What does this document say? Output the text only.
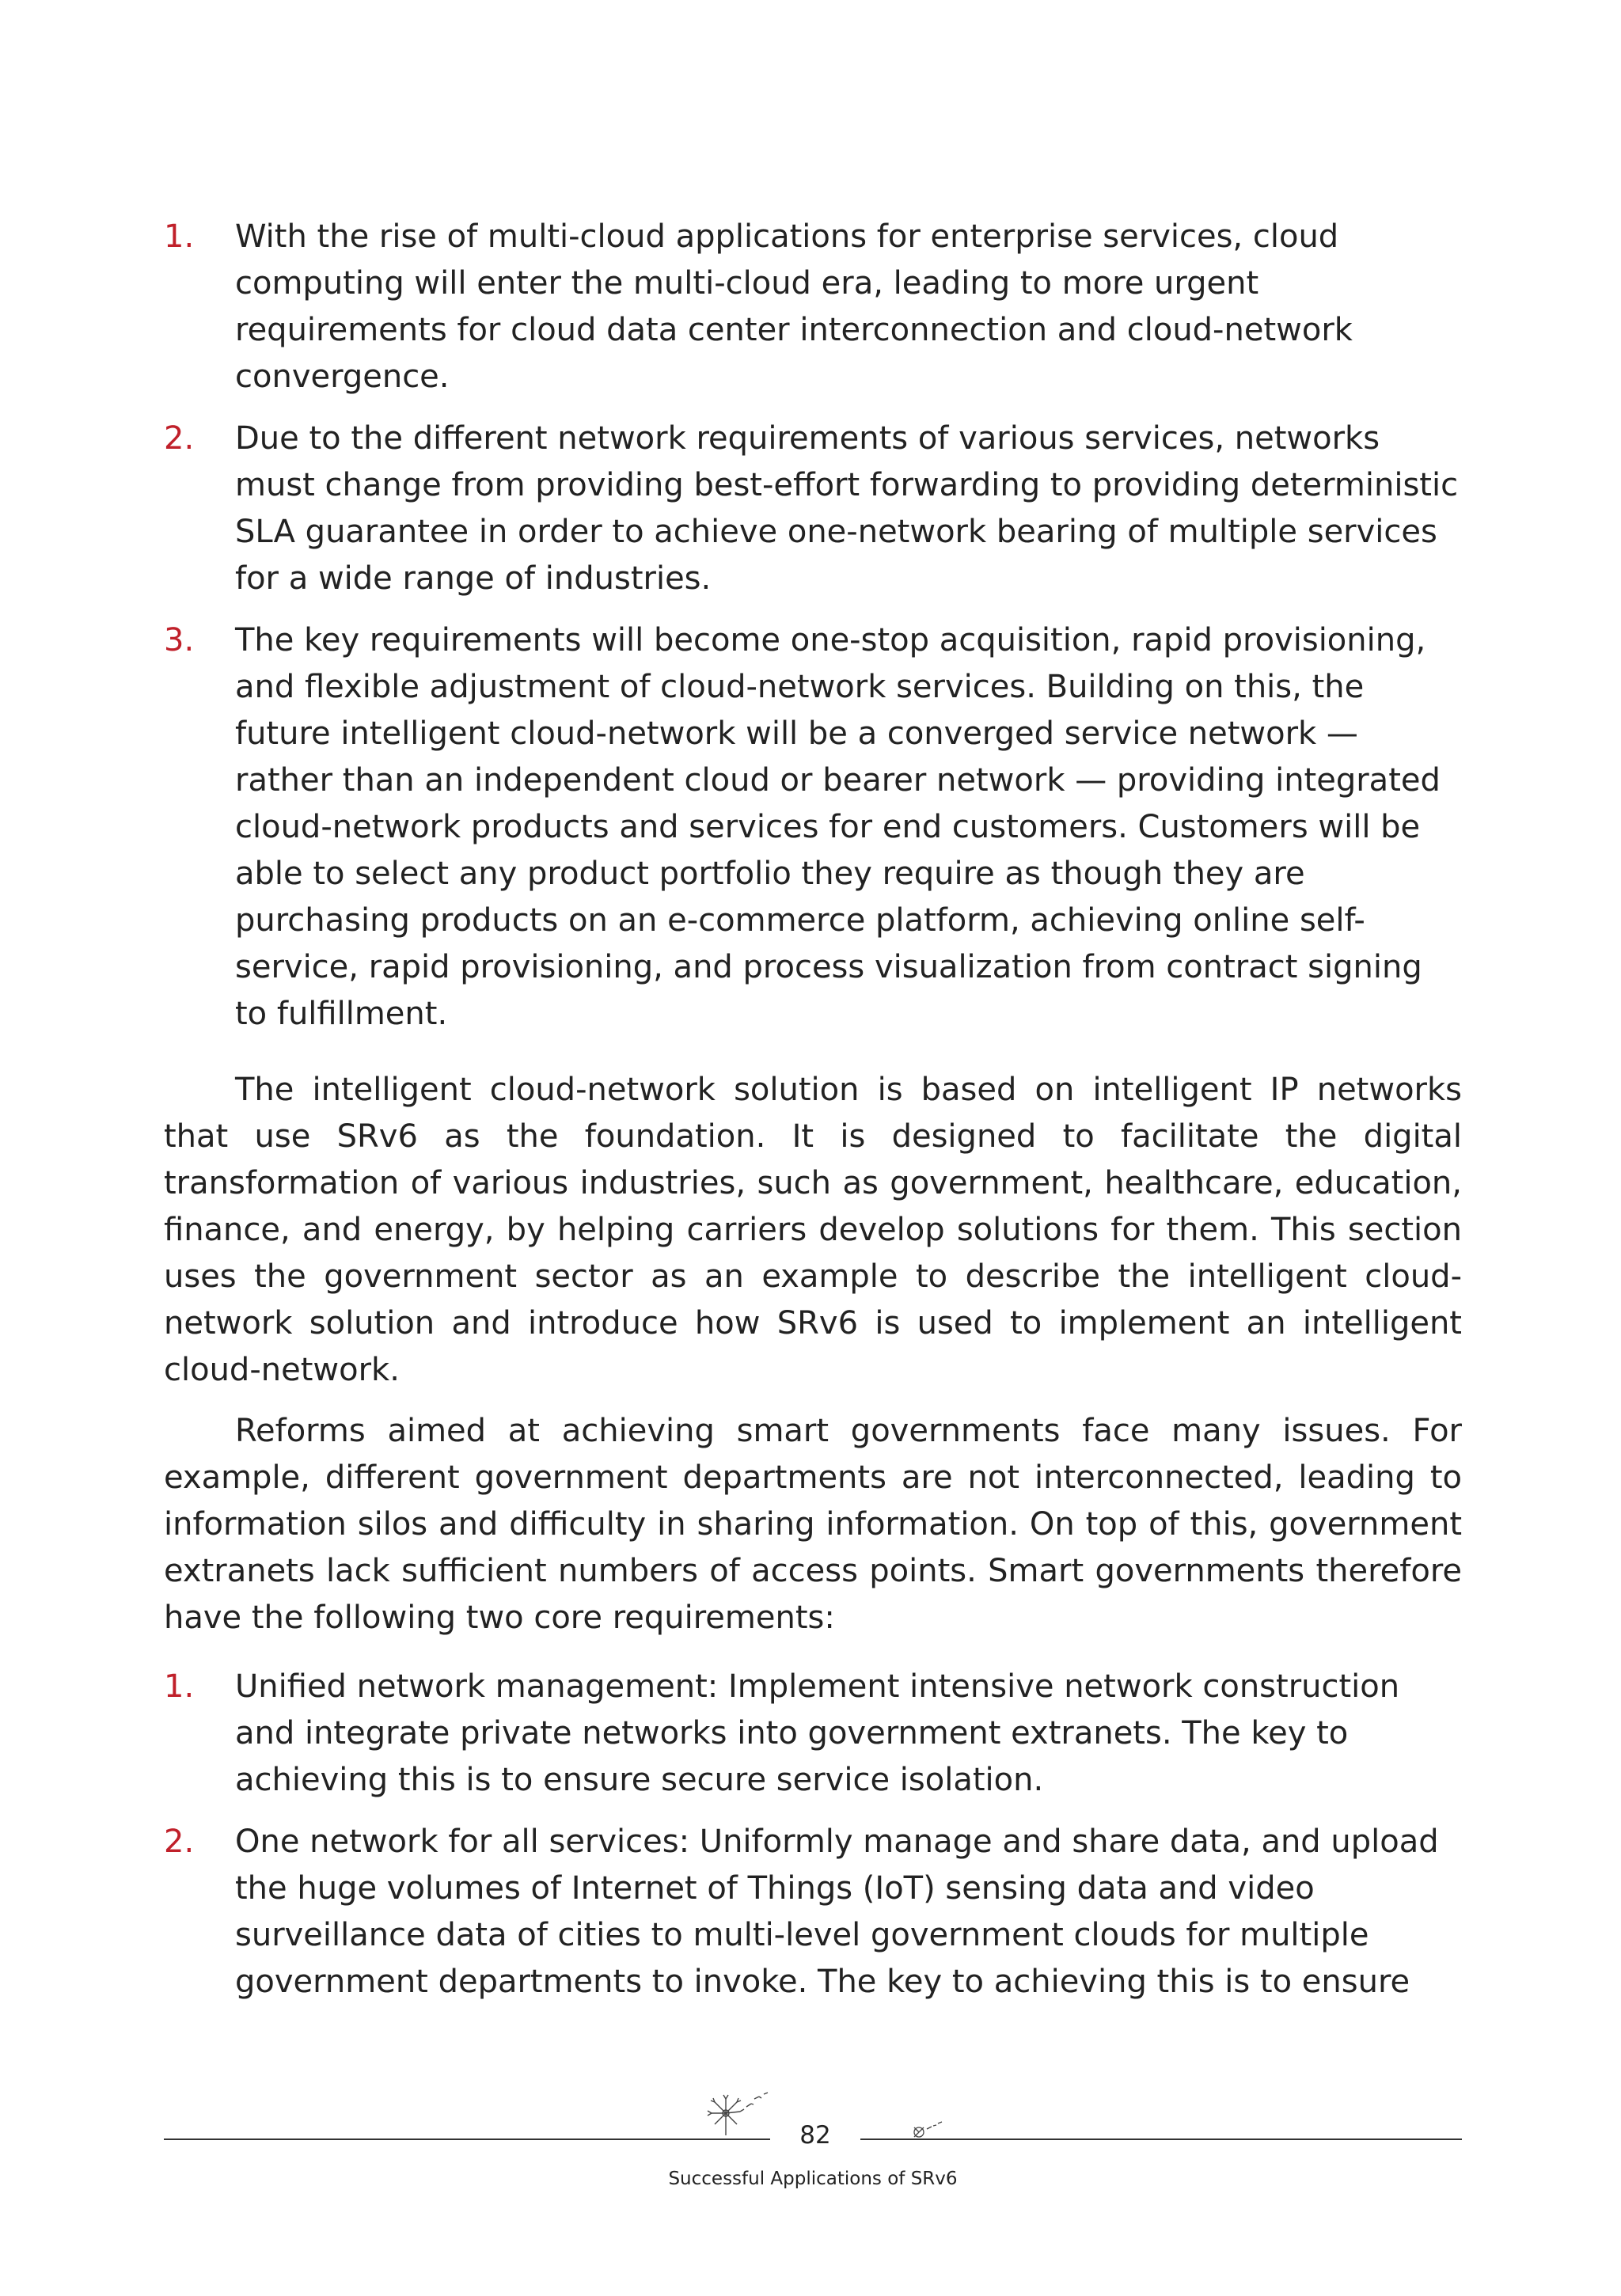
1. With the rise of multi-cloud applications for enterprise services, cloud computing will enter the multi-cloud era, leading to more urgent requirements for cloud data center interconnection and cloud-network convergence.
2. Due to the different network requirements of various services, networks must change from providing best-effort forwarding to providing deterministic SLA guarantee in order to achieve one-network bearing of multiple services for a wide range of industries.
3. The key requirements will become one-stop acquisition, rapid provisioning, and flexible adjustment of cloud-network services. Building on this, the future intelligent cloud-network will be a converged service network — rather than an independent cloud or bearer network — providing integrated cloud-network products and services for end customers. Customers will be able to select any product portfolio they require as though they are purchasing products on an e-commerce platform, achieving online self-service, rapid provisioning, and process visualization from contract signing to fulfillment.

The intelligent cloud-network solution is based on intelligent IP networks that use SRv6 as the foundation. It is designed to facilitate the digital transformation of various industries, such as government, healthcare, education, finance, and energy, by helping carriers develop solutions for them. This section uses the government sector as an example to describe the intelligent cloud-network solution and introduce how SRv6 is used to implement an intelligent cloud-network.

Reforms aimed at achieving smart governments face many issues. For example, different government departments are not interconnected, leading to information silos and difficulty in sharing information. On top of this, government extranets lack sufficient numbers of access points. Smart governments therefore have the following two core requirements:

1. Unified network management: Implement intensive network construction and integrate private networks into government extranets. The key to achieving this is to ensure secure service isolation.
2. One network for all services: Uniformly manage and share data, and upload the huge volumes of Internet of Things (IoT) sensing data and video surveillance data of cities to multi-level government clouds for multiple government departments to invoke. The key to achieving this is to ensure
82
Successful Applications of SRv6
